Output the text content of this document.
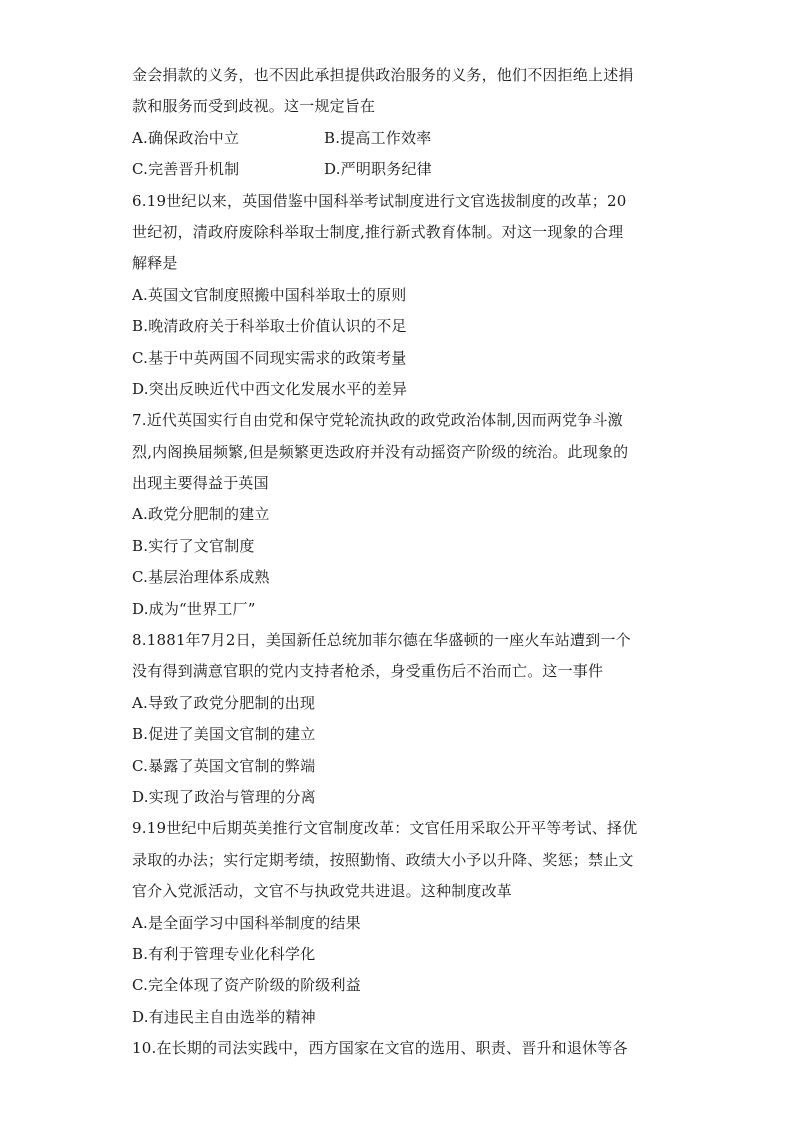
金会捐款的义务，也不因此承担提供政治服务的义务，他们不因拒绝上述捐
款和服务而受到歧视。这一规定旨在
A.确保政治中立	B.提高工作效率
C.完善晋升机制	D.严明职务纪律
6.19世纪以来，英国借鉴中国科举考试制度进行文官选拔制度的改革；20
世纪初，清政府废除科举取士制度,推行新式教育体制。对这一现象的合理
解释是
A.英国文官制度照搬中国科举取士的原则
B.晚清政府关于科举取士价值认识的不足
C.基于中英两国不同现实需求的政策考量
D.突出反映近代中西文化发展水平的差异
7.近代英国实行自由党和保守党轮流执政的政党政治体制,因而两党争斗激
烈,内阁换届频繁,但是频繁更迭政府并没有动摇资产阶级的统治。此现象的
出现主要得益于英国
A.政党分肥制的建立
B.实行了文官制度
C.基层治理体系成熟
D.成为“世界工厂”
8.1881年7月2日，美国新任总统加菲尔德在华盛顿的一座火车站遭到一个
没有得到满意官职的党内支持者枪杀，身受重伤后不治而亡。这一事件
A.导致了政党分肥制的出现
B.促进了美国文官制的建立
C.暴露了英国文官制的弊端
D.实现了政治与管理的分离
9.19世纪中后期英美推行文官制度改革：文官任用采取公开平等考试、择优
录取的办法；实行定期考绩，按照勤惰、政绩大小予以升降、奖惩；禁止文
官介入党派活动，文官不与执政党共进退。这种制度改革
A.是全面学习中国科举制度的结果
B.有利于管理专业化科学化
C.完全体现了资产阶级的阶级利益
D.有违民主自由选举的精神
10.在长期的司法实践中，西方国家在文官的选用、职责、晋升和退休等各
